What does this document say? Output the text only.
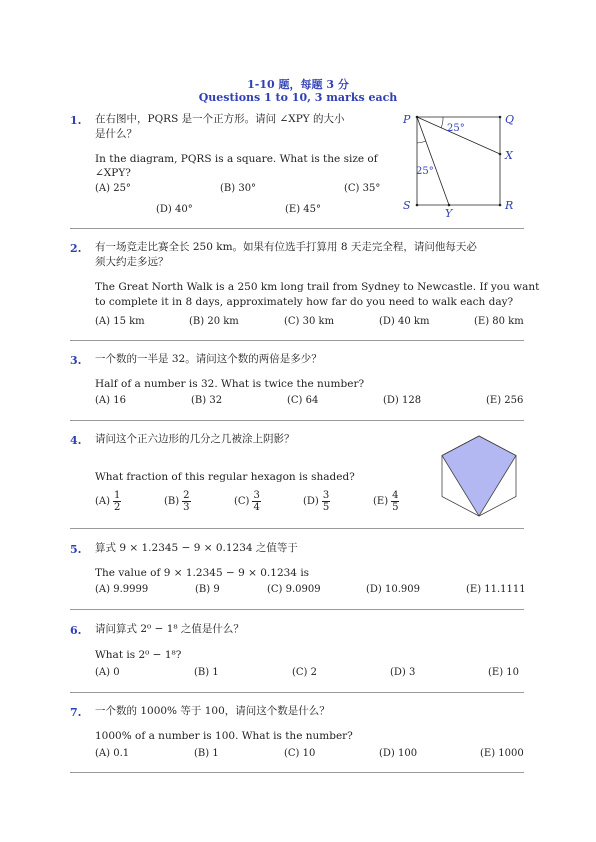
1-10 题，每题 3 分
Questions 1 to 10, 3 marks each
1. 在右图中，PQRS 是一个正方形。请问 ∠XPY 的大小
是什么？
In the diagram, PQRS is a square. What is the size of
∠XPY?
(A) 25°	(B) 30°	(C) 35°
(D) 40°	(E) 45°
P	Q
R
S
X
Y
25°
25°
2. 有一场竞走比赛全长 250 km。如果有位选手打算用 8 天走完全程，请问他每天必
须大约走多远？
The Great North Walk is a 250 km long trail from Sydney to Newcastle. If you want
to complete it in 8 days, approximately how far do you need to walk each day?
(A) 15 km	(B) 20 km	(C) 30 km	(D) 40 km	(E) 80 km
3. 一个数的一半是 32。请问这个数的两倍是多少？
Half of a number is 32. What is twice the number?
(A) 16	(B) 32	(C) 64	(D) 128	(E) 256
4. 请问这个正六边形的几分之几被涂上阴影？
What fraction of this regular hexagon is shaded?
$(A) \frac{1}{2}$	$(B) \frac{2}{3}$	$(C) \frac{3}{4}$	$(D) \frac{3}{5}$	$(E) \frac{4}{5}$
5. 算式 9 × 1.2345 − 9 × 0.1234 之值等于
The value of 9 × 1.2345 − 9 × 0.1234 is
(A) 9.9999	(B) 9	(C) 9.0909	(D) 10.909	(E) 11.1111
6. 请问算式 2⁰ − 1⁸ 之值是什么？
What is 2⁰ − 1⁸?
(A) 0	(B) 1	(C) 2	(D) 3	(E) 10
7. 一个数的 1000% 等于 100，请问这个数是什么？
1000% of a number is 100. What is the number?
(A) 0.1	(B) 1	(C) 10	(D) 100	(E) 1000
